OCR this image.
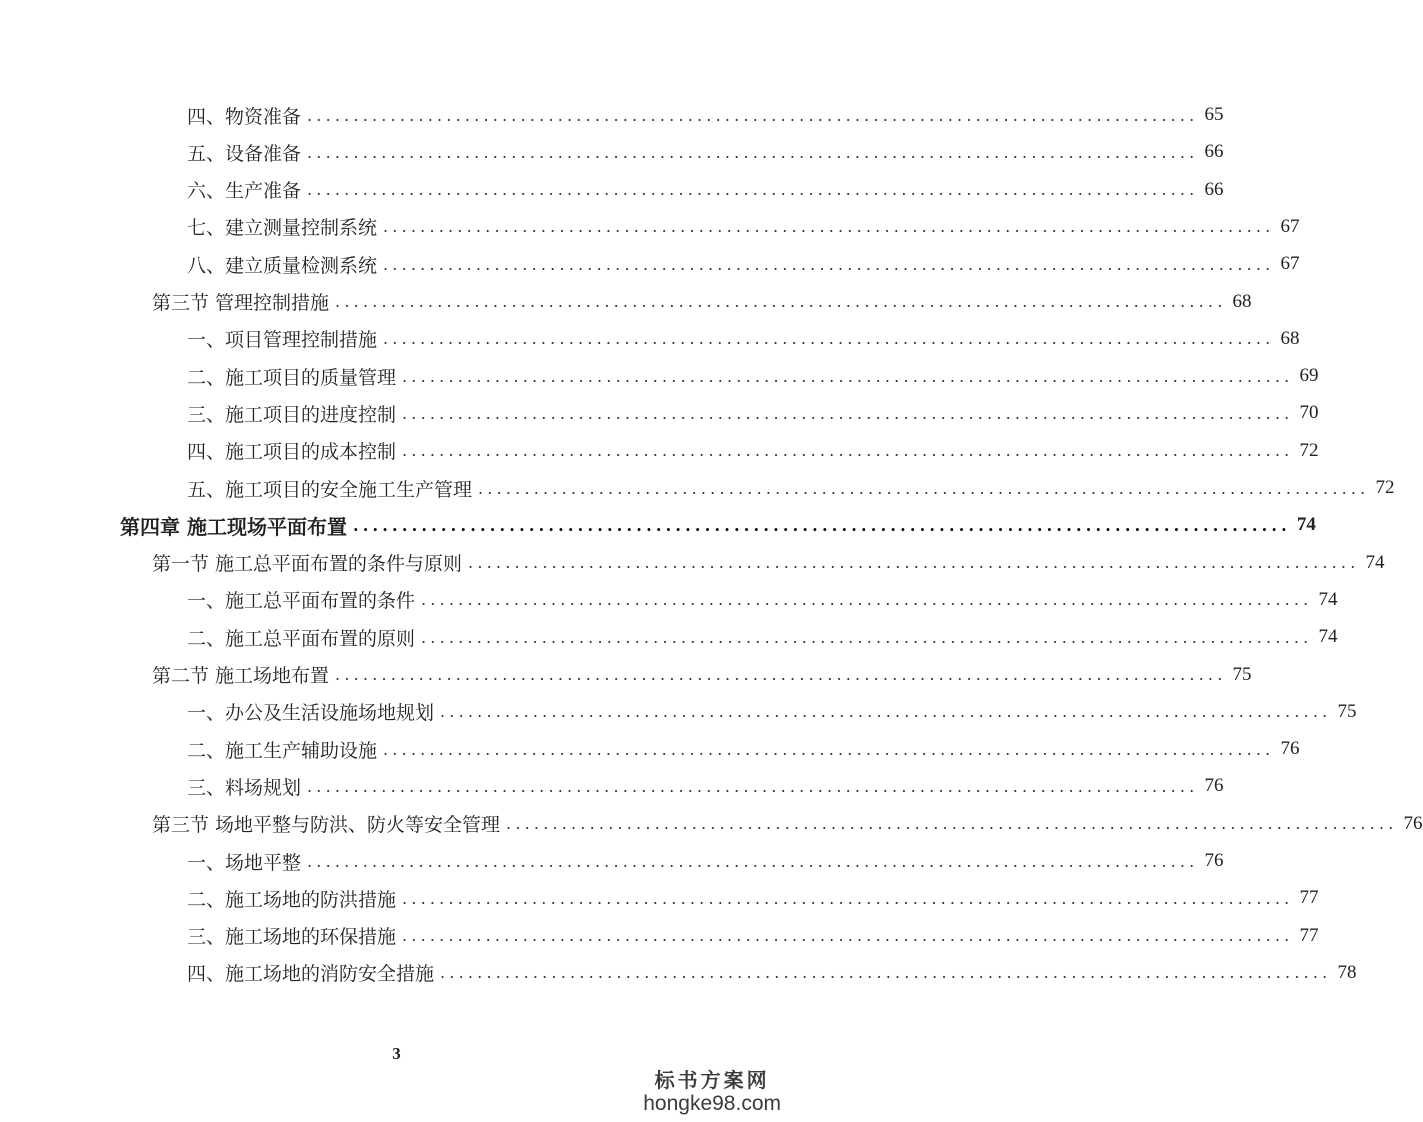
四、物资准备 ................................................................................................ 65
五、设备准备 ................................................................................................ 66
六、生产准备 ................................................................................................ 66
七、建立测量控制系统 ................................................................................................ 67
八、建立质量检测系统 ................................................................................................ 67
第三节 管理控制措施 ................................................................................................ 68
一、项目管理控制措施 ................................................................................................ 68
二、施工项目的质量管理 ................................................................................................ 69
三、施工项目的进度控制 ................................................................................................ 70
四、施工项目的成本控制 ................................................................................................ 72
五、施工项目的安全施工生产管理 ................................................................................................ 72
第四章 施工现场平面布置 ................................................................................................ 74
第一节 施工总平面布置的条件与原则 ................................................................................................ 74
一、施工总平面布置的条件 ................................................................................................ 74
二、施工总平面布置的原则 ................................................................................................ 74
第二节 施工场地布置 ................................................................................................ 75
一、办公及生活设施场地规划 ................................................................................................ 75
二、施工生产辅助设施 ................................................................................................ 76
三、料场规划 ................................................................................................ 76
第三节 场地平整与防洪、防火等安全管理 ................................................................................................ 76
一、场地平整 ................................................................................................ 76
二、施工场地的防洪措施 ................................................................................................ 77
三、施工场地的环保措施 ................................................................................................ 77
四、施工场地的消防安全措施 ................................................................................................ 78
3
标书方案网
hongke98.com
